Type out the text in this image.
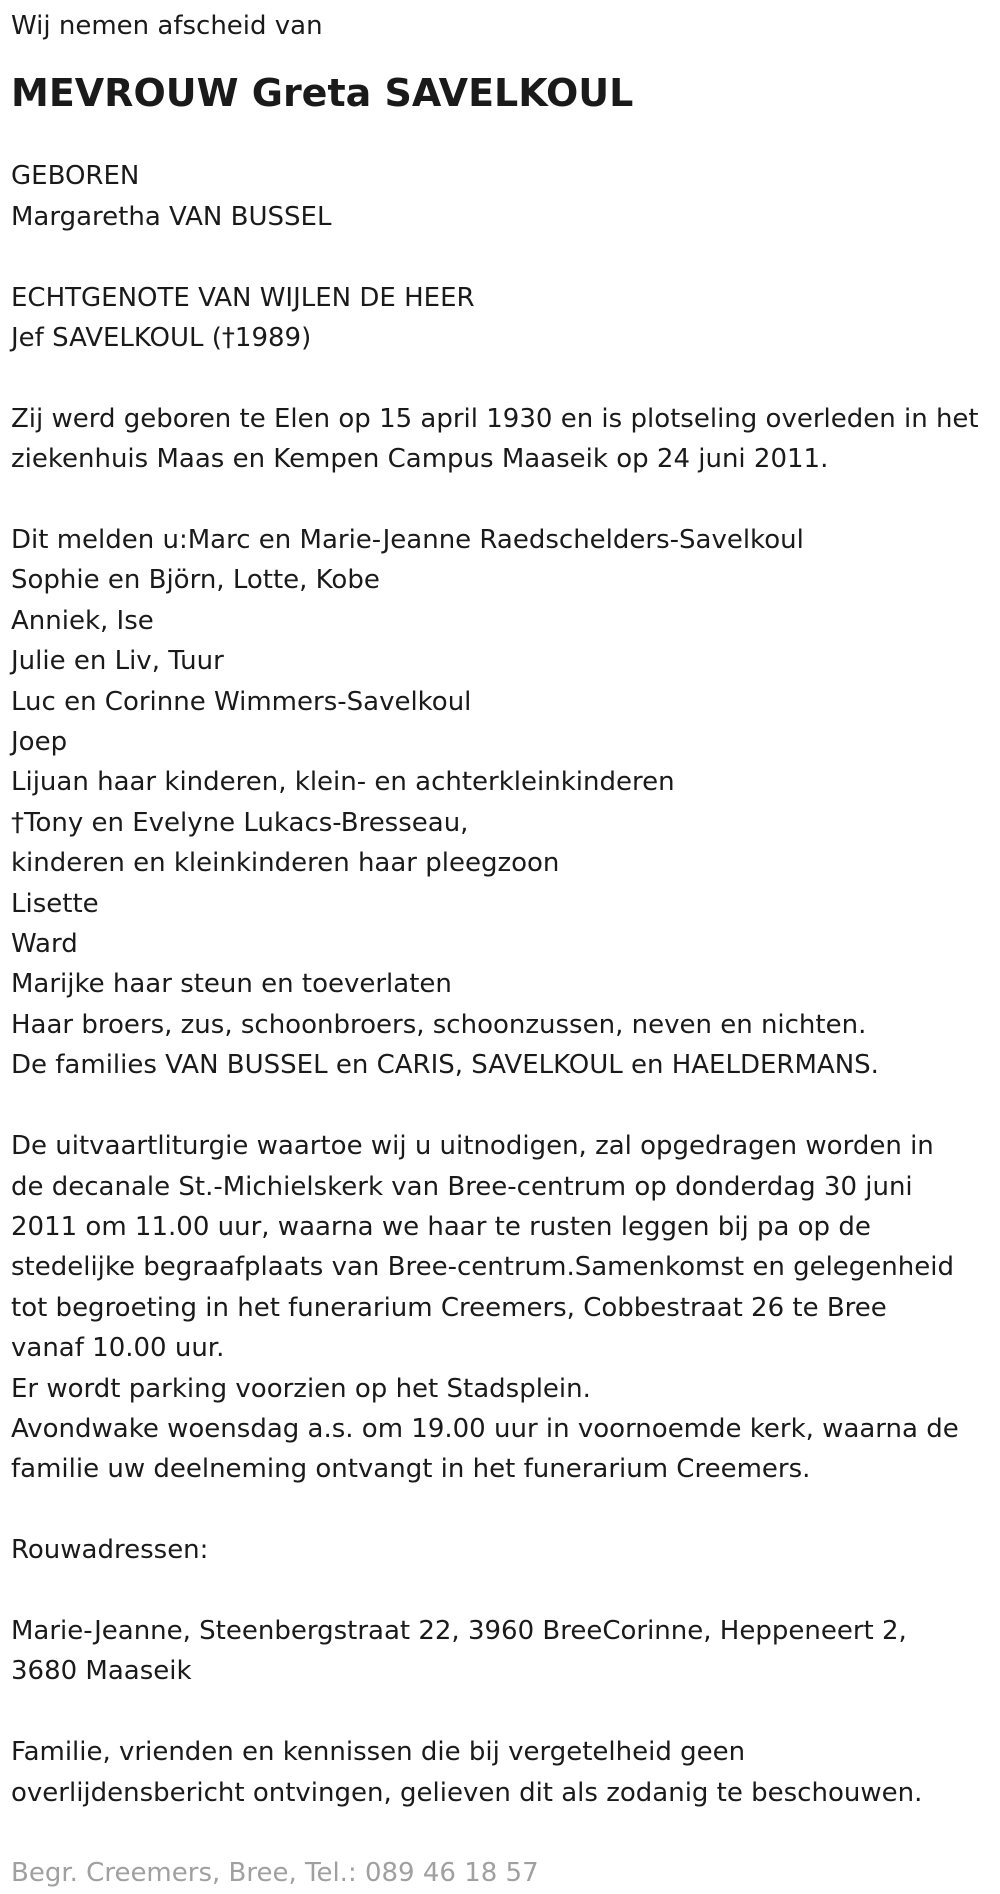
Wij nemen afscheid van

MEVROUW Greta SAVELKOUL

GEBOREN

Margaretha VAN BUSSEL

ECHTGENOTE VAN WIJLEN DE HEER

Jef SAVELKOUL (†1989)

Zij werd geboren te Elen op 15 april 1930 en is plotseling overleden in het

ziekenhuis Maas en Kempen Campus Maaseik op 24 juni 2011.

Dit melden u:Marc en Marie-Jeanne Raedschelders-Savelkoul

Sophie en Björn, Lotte, Kobe

Anniek, Ise

Julie en Liv, Tuur

Luc en Corinne Wimmers-Savelkoul

Joep

Lijuan haar kinderen, klein- en achterkleinkinderen

†Tony en Evelyne Lukacs-Bresseau,

kinderen en kleinkinderen haar pleegzoon

Lisette

Ward

Marijke haar steun en toeverlaten

Haar broers, zus, schoonbroers, schoonzussen, neven en nichten.

De families VAN BUSSEL en CARIS, SAVELKOUL en HAELDERMANS.

De uitvaartliturgie waartoe wij u uitnodigen, zal opgedragen worden in

de decanale St.-Michielskerk van Bree-centrum op donderdag 30 juni

2011 om 11.00 uur, waarna we haar te rusten leggen bij pa op de

stedelijke begraafplaats van Bree-centrum.Samenkomst en gelegenheid

tot begroeting in het funerarium Creemers, Cobbestraat 26 te Bree

vanaf 10.00 uur.

Er wordt parking voorzien op het Stadsplein.

Avondwake woensdag a.s. om 19.00 uur in voornoemde kerk, waarna de

familie uw deelneming ontvangt in het funerarium Creemers.

Rouwadressen:

Marie-Jeanne, Steenbergstraat 22, 3960 BreeCorinne, Heppeneert 2,

3680 Maaseik

Familie, vrienden en kennissen die bij vergetelheid geen

overlijdensbericht ontvingen, gelieven dit als zodanig te beschouwen.

Begr. Creemers, Bree, Tel.: 089 46 18 57
